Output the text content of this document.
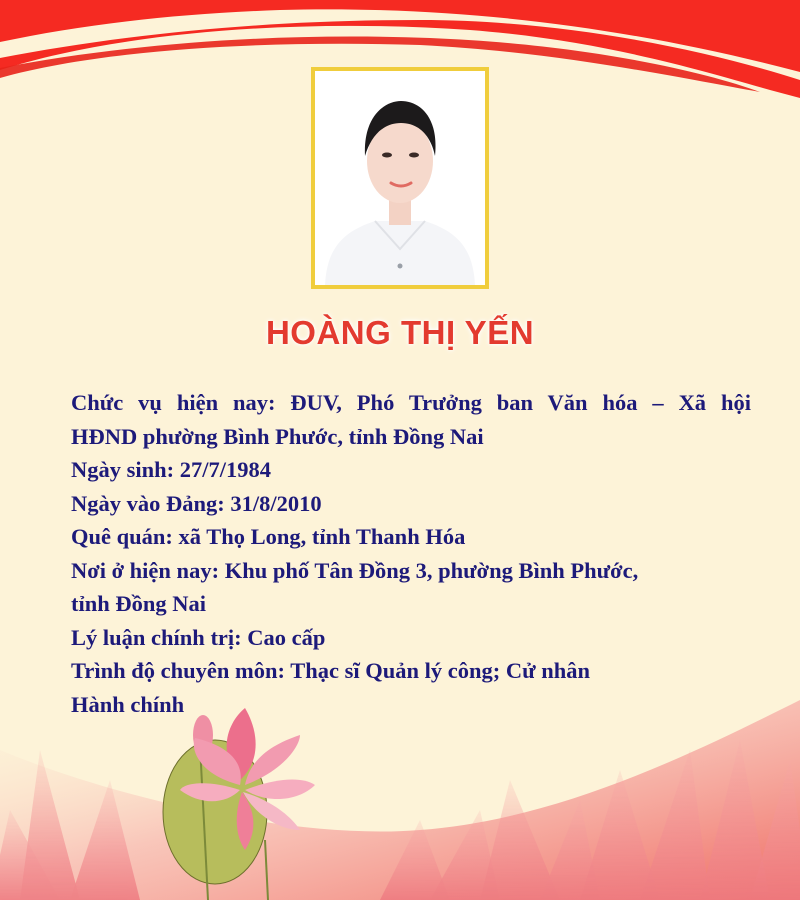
HOÀNG THỊ YẾN
Chức vụ hiện nay: ĐUV, Phó Trưởng ban Văn hóa – Xã hội
HĐND phường Bình Phước, tỉnh Đồng Nai
Ngày sinh: 27/7/1984
Ngày vào Đảng: 31/8/2010
Quê quán: xã Thọ Long, tỉnh Thanh Hóa
Nơi ở hiện nay: Khu phố Tân Đồng 3, phường Bình Phước,
tỉnh Đồng Nai
Lý luận chính trị: Cao cấp
Trình độ chuyên môn: Thạc sĩ Quản lý công; Cử nhân
Hành chính
